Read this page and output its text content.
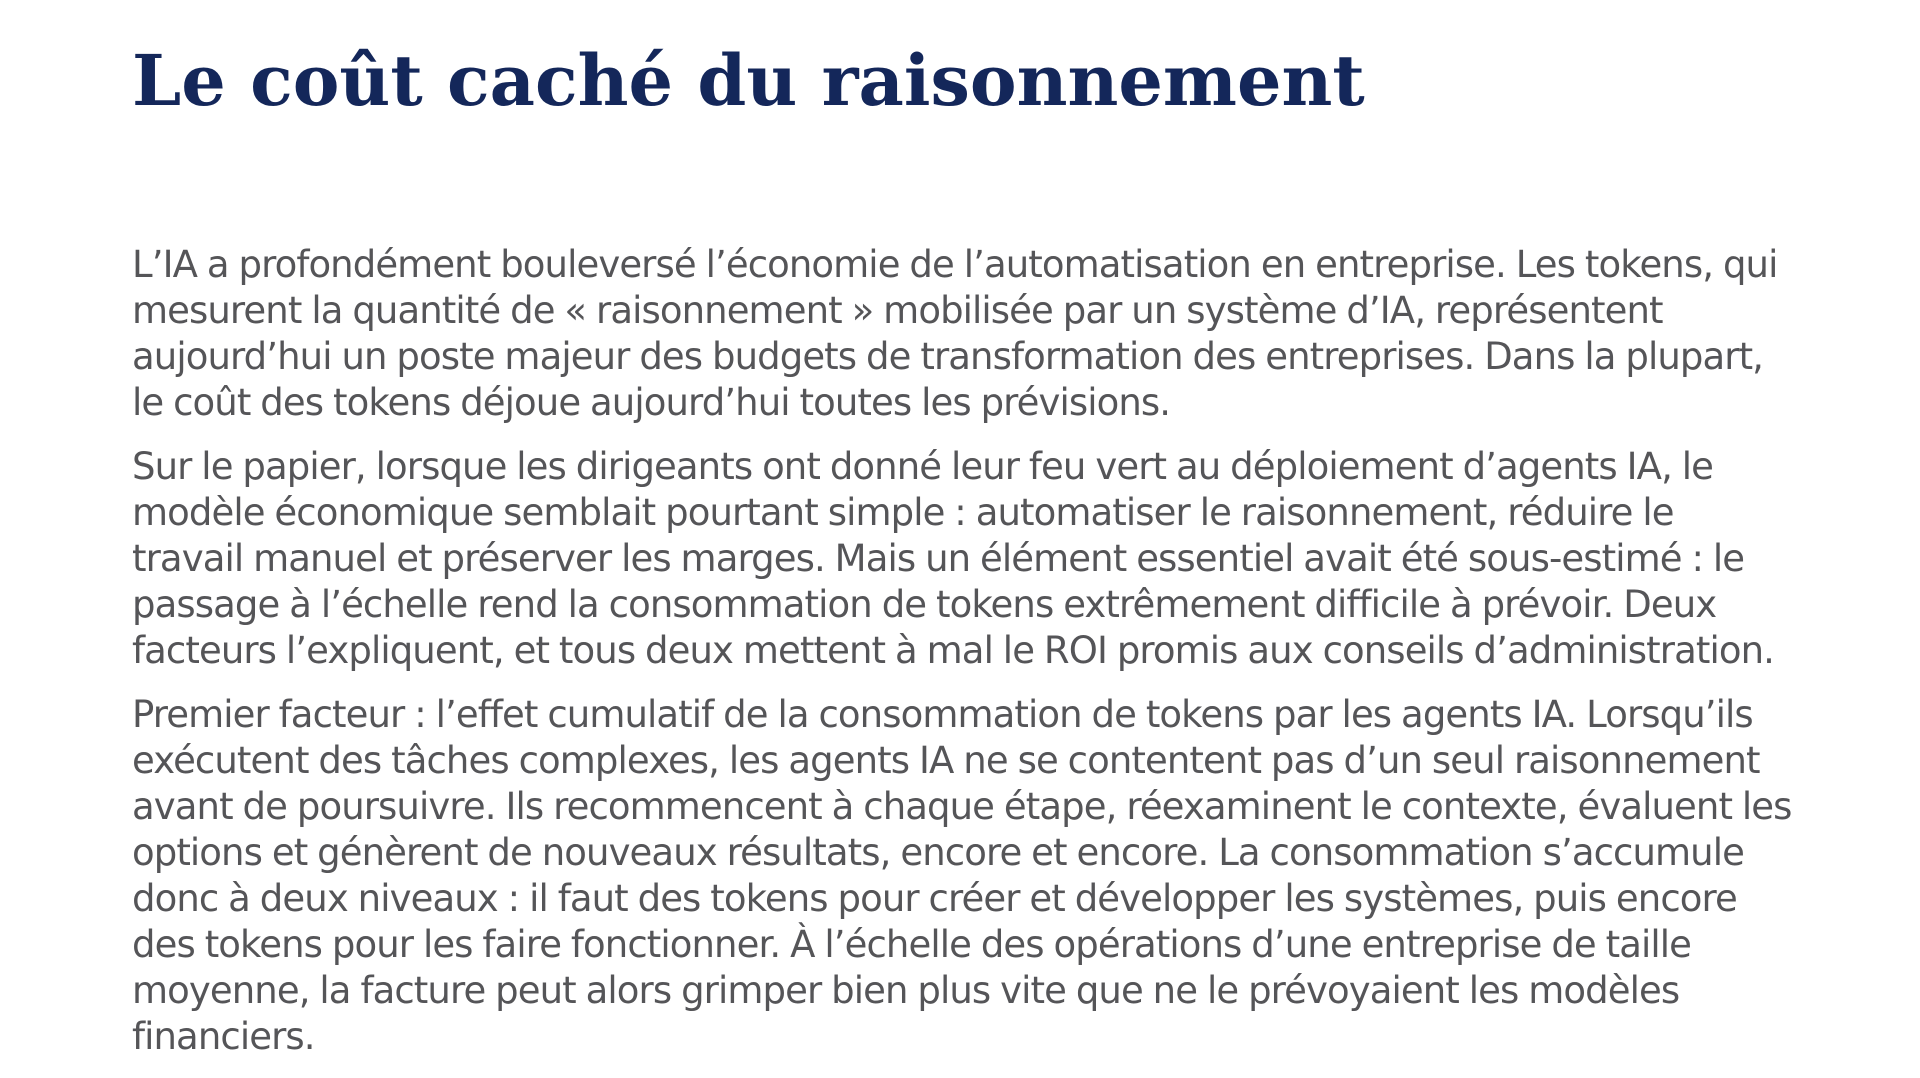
Le coût caché du raisonnement

L’IA a profondément bouleversé l’économie de l’automatisation en entreprise. Les tokens, qui
mesurent la quantité de « raisonnement » mobilisée par un système d’IA, représentent
aujourd’hui un poste majeur des budgets de transformation des entreprises. Dans la plupart,
le coût des tokens déjoue aujourd’hui toutes les prévisions.

Sur le papier, lorsque les dirigeants ont donné leur feu vert au déploiement d’agents IA, le
modèle économique semblait pourtant simple : automatiser le raisonnement, réduire le
travail manuel et préserver les marges. Mais un élément essentiel avait été sous-estimé : le
passage à l’échelle rend la consommation de tokens extrêmement difficile à prévoir. Deux
facteurs l’expliquent, et tous deux mettent à mal le ROI promis aux conseils d’administration.

Premier facteur : l’effet cumulatif de la consommation de tokens par les agents IA. Lorsqu’ils
exécutent des tâches complexes, les agents IA ne se contentent pas d’un seul raisonnement
avant de poursuivre. Ils recommencent à chaque étape, réexaminent le contexte, évaluent les
options et génèrent de nouveaux résultats, encore et encore. La consommation s’accumule
donc à deux niveaux : il faut des tokens pour créer et développer les systèmes, puis encore
des tokens pour les faire fonctionner. À l’échelle des opérations d’une entreprise de taille
moyenne, la facture peut alors grimper bien plus vite que ne le prévoyaient les modèles
financiers.
